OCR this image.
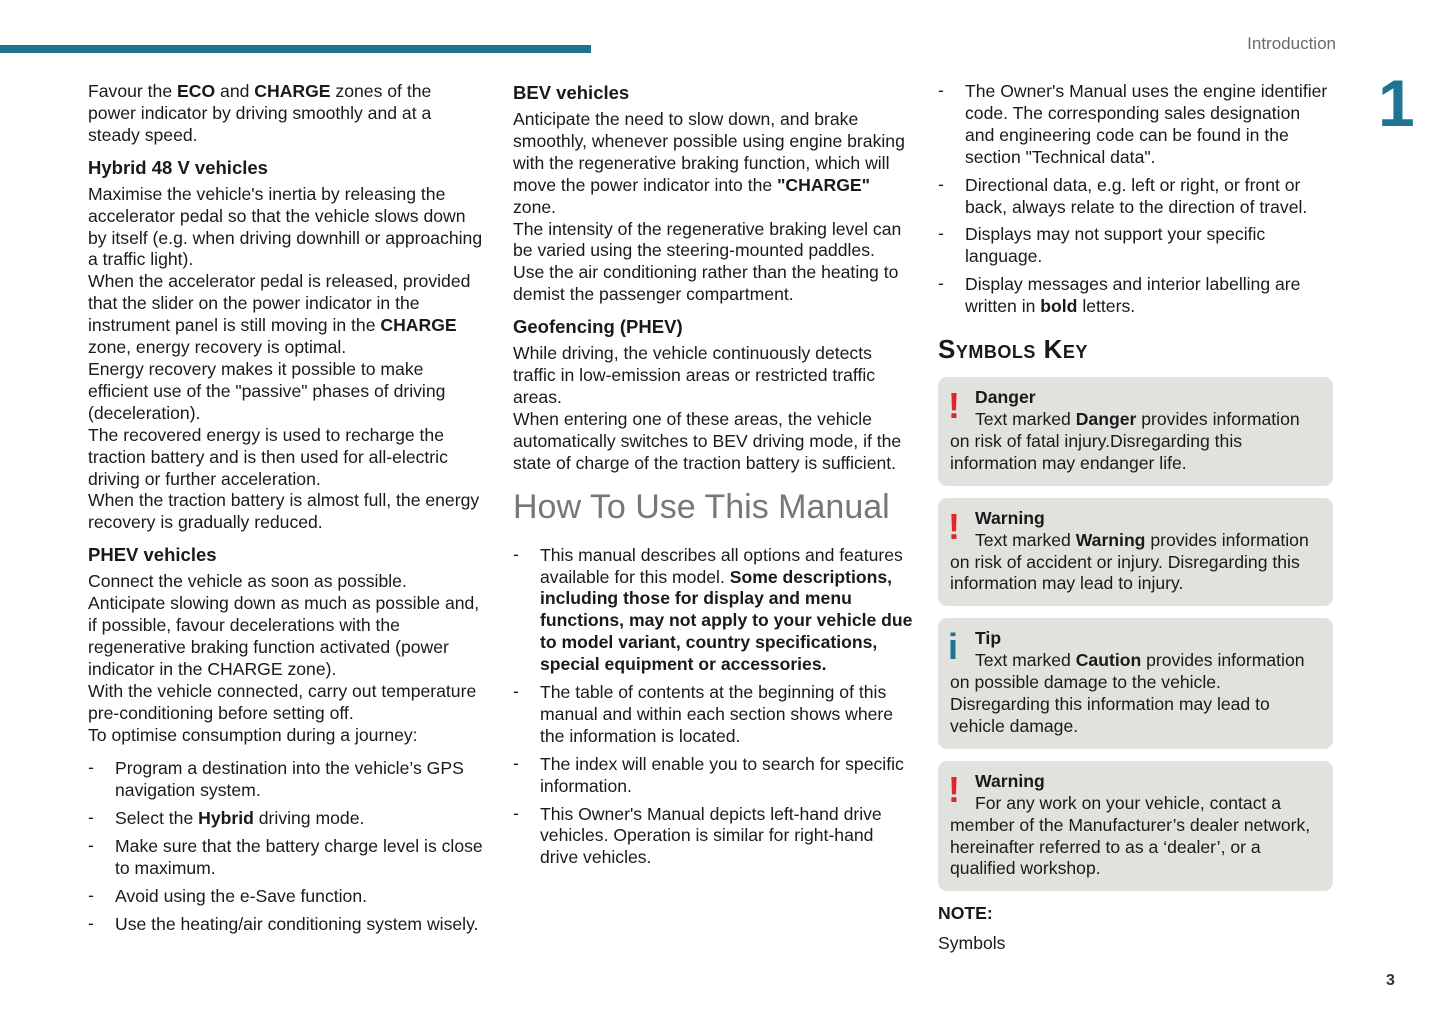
Introduction
1
3

Favour the ECO and CHARGE zones of the power indicator by driving smoothly and at a steady speed.

Hybrid 48 V vehicles

Maximise the vehicle's inertia by releasing the accelerator pedal so that the vehicle slows down by itself (e.g. when driving downhill or approaching a traffic light).

When the accelerator pedal is released, provided that the slider on the power indicator in the instrument panel is still moving in the CHARGE zone, energy recovery is optimal.

Energy recovery makes it possible to make efficient use of the "passive" phases of driving (deceleration).

The recovered energy is used to recharge the traction battery and is then used for all-electric driving or further acceleration.

When the traction battery is almost full, the energy recovery is gradually reduced.

PHEV vehicles

Connect the vehicle as soon as possible.

Anticipate slowing down as much as possible and, if possible, favour decelerations with the regenerative braking function activated (power indicator in the CHARGE zone).

With the vehicle connected, carry out temperature pre-conditioning before setting off.

To optimise consumption during a journey:

- Program a destination into the vehicle’s GPS navigation system.
- Select the Hybrid driving mode.
- Make sure that the battery charge level is close to maximum.
- Avoid using the e-Save function.
- Use the heating/air conditioning system wisely.
BEV vehicles

Anticipate the need to slow down, and brake smoothly, whenever possible using engine braking with the regenerative braking function, which will move the power indicator into the "CHARGE" zone.

The intensity of the regenerative braking level can be varied using the steering-mounted paddles.

Use the air conditioning rather than the heating to demist the passenger compartment.

Geofencing (PHEV)

While driving, the vehicle continuously detects traffic in low-emission areas or restricted traffic areas.

When entering one of these areas, the vehicle automatically switches to BEV driving mode, if the state of charge of the traction battery is sufficient.

How To Use This Manual
- This manual describes all options and features available for this model. Some descriptions, including those for display and menu functions, may not apply to your vehicle due to model variant, country specifications, special equipment or accessories.
- The table of contents at the beginning of this manual and within each section shows where the information is located.
- The index will enable you to search for specific information.
- This Owner's Manual depicts left-hand drive vehicles. Operation is similar for right-hand drive vehicles.
- The Owner's Manual uses the engine identifier code. The corresponding sales designation and engineering code can be found in the section "Technical data".
- Directional data, e.g. left or right, or front or back, always relate to the direction of travel.
- Displays may not support your specific language.
- Display messages and interior labelling are written in bold letters.
Symbols Key
! Danger
Text marked Danger provides information on risk of fatal injury.Disregarding this information may endanger life.
! Warning
Text marked Warning provides information on risk of accident or injury. Disregarding this information may lead to injury.
i Tip
Text marked Caution provides information on possible damage to the vehicle. Disregarding this information may lead to vehicle damage.
! Warning
For any work on your vehicle, contact a member of the Manufacturer’s dealer network, hereinafter referred to as a ‘dealer’, or a qualified workshop.
NOTE:
Symbols
